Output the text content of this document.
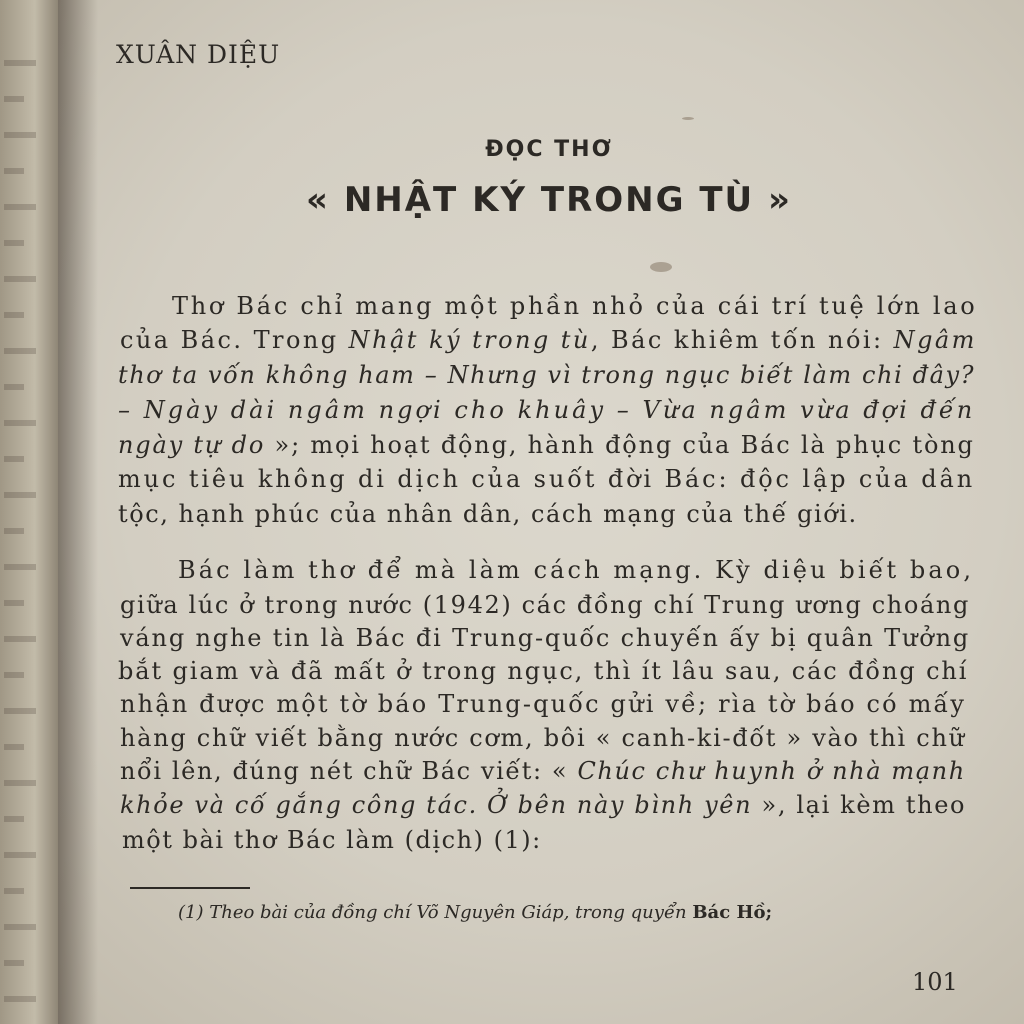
XUÂN DIỆU
ĐỌC THƠ
« NHẬT KÝ TRONG TÙ »
Thơ Bác chỉ mang một phần nhỏ của cái trí tuệ lớn lao
của Bác. Trong Nhật ký trong tù, Bác khiêm tốn nói: Ngâm
thơ ta vốn không ham – Nhưng vì trong ngục biết làm chi đây?
– Ngày dài ngâm ngợi cho khuây – Vừa ngâm vừa đợi đến
ngày tự do »; mọi hoạt động, hành động của Bác là phục tòng
mục tiêu không di dịch của suốt đời Bác: độc lập của dân
tộc, hạnh phúc của nhân dân, cách mạng của thế giới.
Bác làm thơ để mà làm cách mạng. Kỳ diệu biết bao,
giữa lúc ở trong nước (1942) các đồng chí Trung ương choáng
váng nghe tin là Bác đi Trung-quốc chuyến ấy bị quân Tưởng
bắt giam và đã mất ở trong ngục, thì ít lâu sau, các đồng chí
nhận được một tờ báo Trung-quốc gửi về; rìa tờ báo có mấy
hàng chữ viết bằng nước cơm, bôi « canh-ki-đốt » vào thì chữ
nổi lên, đúng nét chữ Bác viết: « Chúc chư huynh ở nhà mạnh
khỏe và cố gắng công tác. Ở bên này bình yên », lại kèm theo
một bài thơ Bác làm (dịch) (1):
(1) Theo bài của đồng chí Võ Nguyên Giáp, trong quyển Bác Hồ;
101
